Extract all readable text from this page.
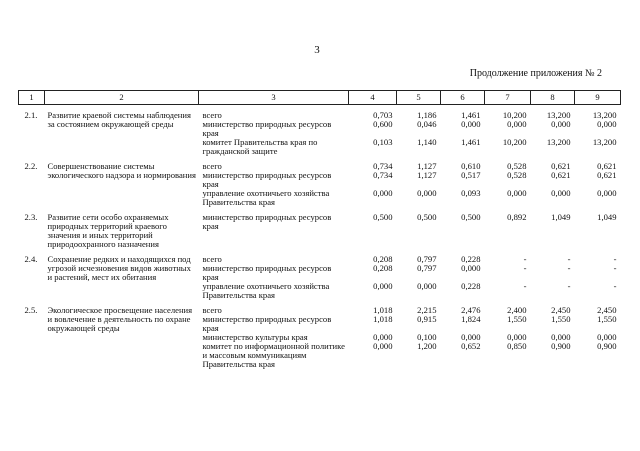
3
Продолжение приложения № 2
1	2	3	4	5	6	7	8	9

2.1.	Развитие краевой системы наблюдения за состоянием окружающей среды	всего	0,703	1,186	1,461	10,200	13,200	13,200
		министерство природных ресурсов края	0,600	0,046	0,000	0,000	0,000	0,000
		комитет Правительства края по гражданской защите	0,103	1,140	1,461	10,200	13,200	13,200

2.2.	Совершенствование системы экологического надзора и нормирования	всего	0,734	1,127	0,610	0,528	0,621	0,621
		министерство природных ресурсов края	0,734	1,127	0,517	0,528	0,621	0,621
		управление охотничьего хозяйства Правительства края	0,000	0,000	0,093	0,000	0,000	0,000

2.3.	Развитие сети особо охраняемых природных территорий краевого значения и иных территорий природоохранного назначения	министерство природных ресурсов края	0,500	0,500	0,500	0,892	1,049	1,049

2.4.	Сохранение редких и находящихся под угрозой исчезновения видов животных и растений, мест их обитания	всего	0,208	0,797	0,228	-	-	-
		министерство природных ресурсов края	0,208	0,797	0,000	-	-	-
		управление охотничьего хозяйства Правительства края	0,000	0,000	0,228	-	-	-

2.5.	Экологическое просвещение населения и вовлечение в деятельность по охране окружающей среды	всего	1,018	2,215	2,476	2,400	2,450	2,450
		министерство природных ресурсов края	1,018	0,915	1,824	1,550	1,550	1,550
		министерство культуры края	0,000	0,100	0,000	0,000	0,000	0,000
		комитет по информационной политике и массовым коммуникациям Правительства края	0,000	1,200	0,652	0,850	0,900	0,900
